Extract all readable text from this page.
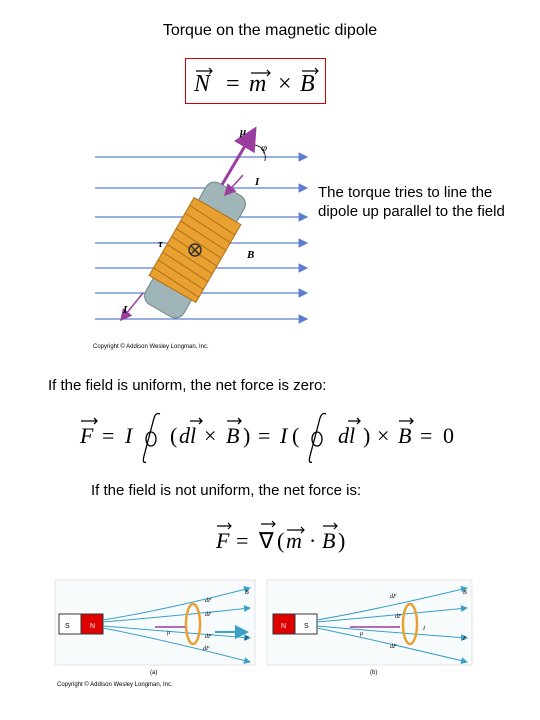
Torque on the magnetic dipole
N = m × B
μ
φ
I
τ
B
I
Copyright © Addison Wesley Longman, Inc.
The torque tries to line the dipole up parallel to the field
If the field is uniform, the net force is zero:
F = I ( dl × B ) = I ( dl ) × B = 0
If the field is not uniform, the net force is:
F = ∇ ( m · B )
S	N
dF
dF
dF
dF
μ
B
F
(a)
N	S
dF
dF
dF
μ
I
B
F
(b)
Copyright © Addison Wesley Longman, Inc.
